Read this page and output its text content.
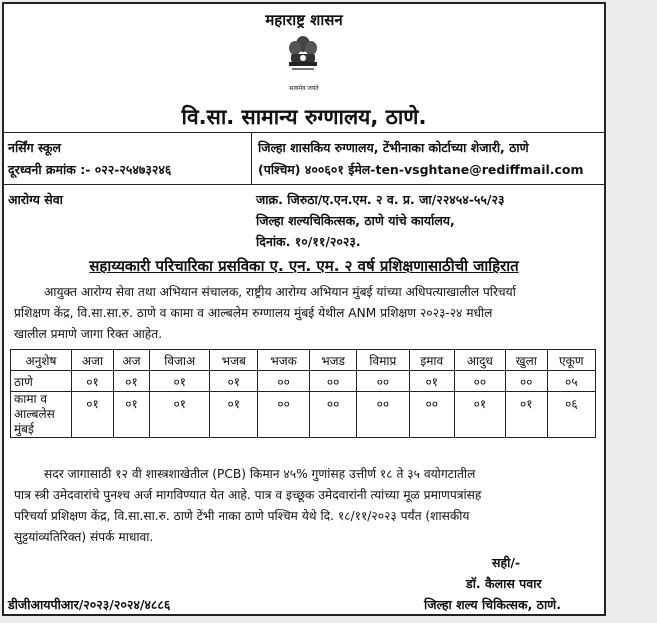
महाराष्ट्र शासन
सत्यमेव जयते
वि.सा. सामान्य रुग्णालय, ठाणे.
नर्सिंग स्कूल
दूरध्वनी क्रमांक :- ०२२-२५४७३२४६
जिल्हा शासकिय रुग्णालय, टेंभीनाका कोर्टाच्या शेजारी, ठाणे
(पश्चिम) ४००६०१ ईमेल-ten-vsghtane@rediffmail.com
आरोग्य सेवा	जाक्र. जिरुठा/ए.एन.एम. २ व. प्र. जा/२२४५४-५५/२३
जिल्हा शल्यचिकित्सक, ठाणे यांचे कार्यालय,
दिनांक. १०/११/२०२३.
सहाय्यकारी परिचारिका प्रसविका ए. एन. एम. २ वर्ष प्रशिक्षणासाठीची जाहिरात
आयुक्त आरोग्य सेवा तथा अभियान संचालक, राष्ट्रीय आरोग्य अभियान मुंबई यांच्या अधिपत्याखालील परिचर्या
प्रशिक्षण केंद्र, वि.सा.सा.रु. ठाणे व कामा व आल्बलेम रुग्णालय मुंबई येथील ANM प्रशिक्षण २०२३-२४ मधील
खालील प्रमाणे जागा रिक्त आहेत.
अनुशेष	अजा	अज	विजाअ	भजब	भजक	भजड	विमाप्र	इमाव	आदुध	खुला	एकूण
ठाणे	०१	०१	०१	०१	००	००	००	०१	००	००	०५

कामा व
आल्बलेस
मुंबई	०१	०१	०१	०१	००	००	००	००	०१	०१	०६
सदर जागासाठी १२ वी शास्त्रशाखेतील (PCB) किमान ४५% गुणांसह उत्तीर्ण १८ ते ३५ वयोगटातील
पात्र स्त्री उमेदवारांचे पुनश्च अर्ज मागविण्यात येत आहे. पात्र व इच्छूक उमेदवारांनी त्यांच्या मूळ प्रमाणपत्रांसह
परिचर्या प्रशिक्षण केंद्र, वि.सा.सा.रु. ठाणे टेंभी नाका ठाणे पश्चिम येथे दि. १८/११/२०२३ पर्यंत (शासकीय
सुट्टयांव्यतिरिक्त) संपर्क माधावा.
सही/-
डॉ. कैलास पवार
जिल्हा शल्य चिकित्सक, ठाणे.
डीजीआयपीआर/२०२३/२०२४/४८८६
